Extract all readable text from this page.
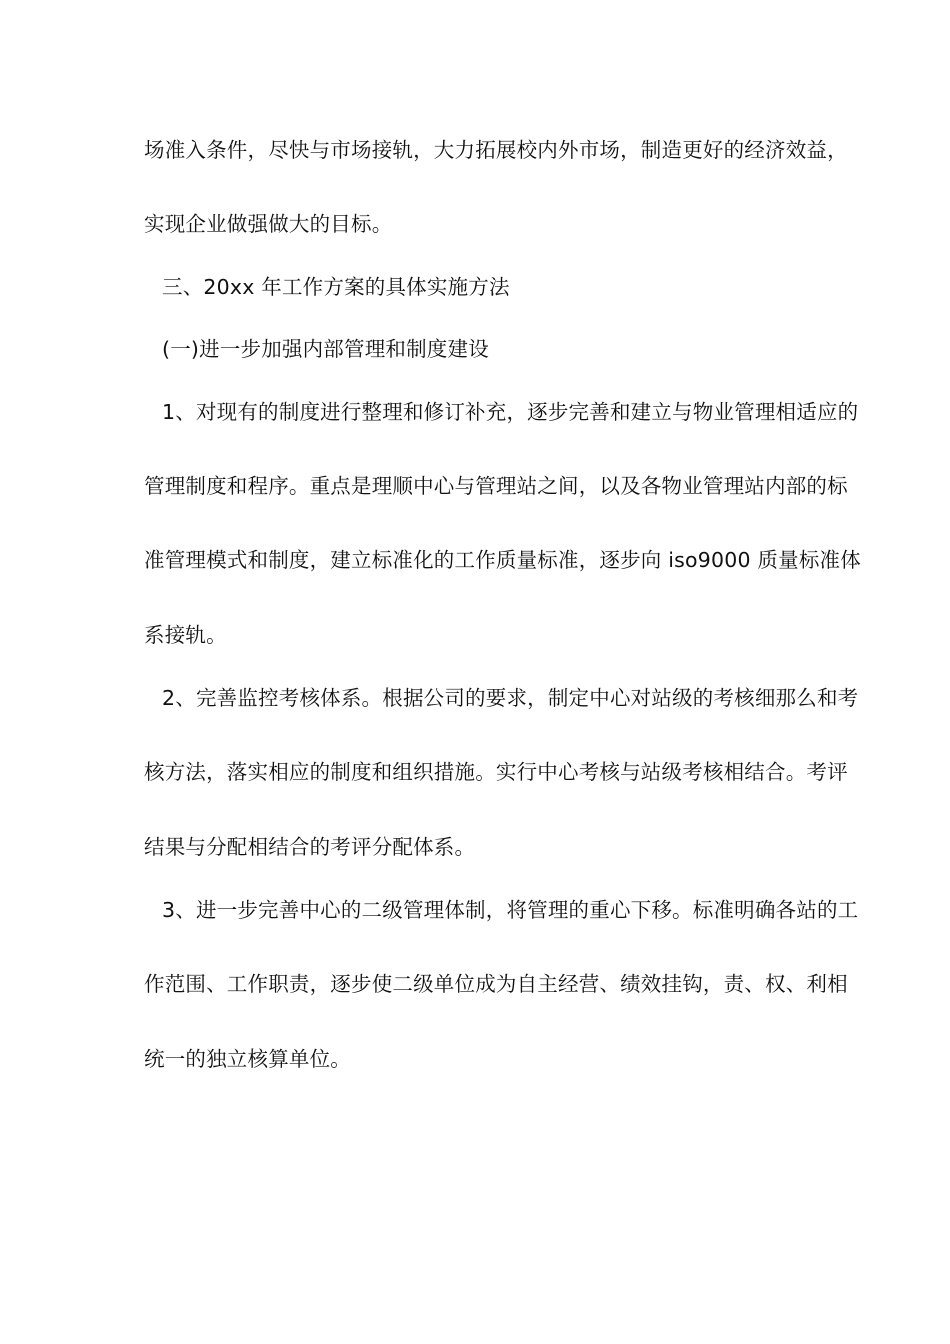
场准入条件，尽快与市场接轨，大力拓展校内外市场，制造更好的经济效益，
实现企业做强做大的目标。
三、20xx 年工作方案的具体实施方法
(一)进一步加强内部管理和制度建设
1、对现有的制度进行整理和修订补充，逐步完善和建立与物业管理相适应的
管理制度和程序。重点是理顺中心与管理站之间，以及各物业管理站内部的标
准管理模式和制度，建立标准化的工作质量标准，逐步向 iso9000 质量标准体
系接轨。
2、完善监控考核体系。根据公司的要求，制定中心对站级的考核细那么和考
核方法，落实相应的制度和组织措施。实行中心考核与站级考核相结合。考评
结果与分配相结合的考评分配体系。
3、进一步完善中心的二级管理体制，将管理的重心下移。标准明确各站的工
作范围、工作职责，逐步使二级单位成为自主经营、绩效挂钩，责、权、利相
统一的独立核算单位。
